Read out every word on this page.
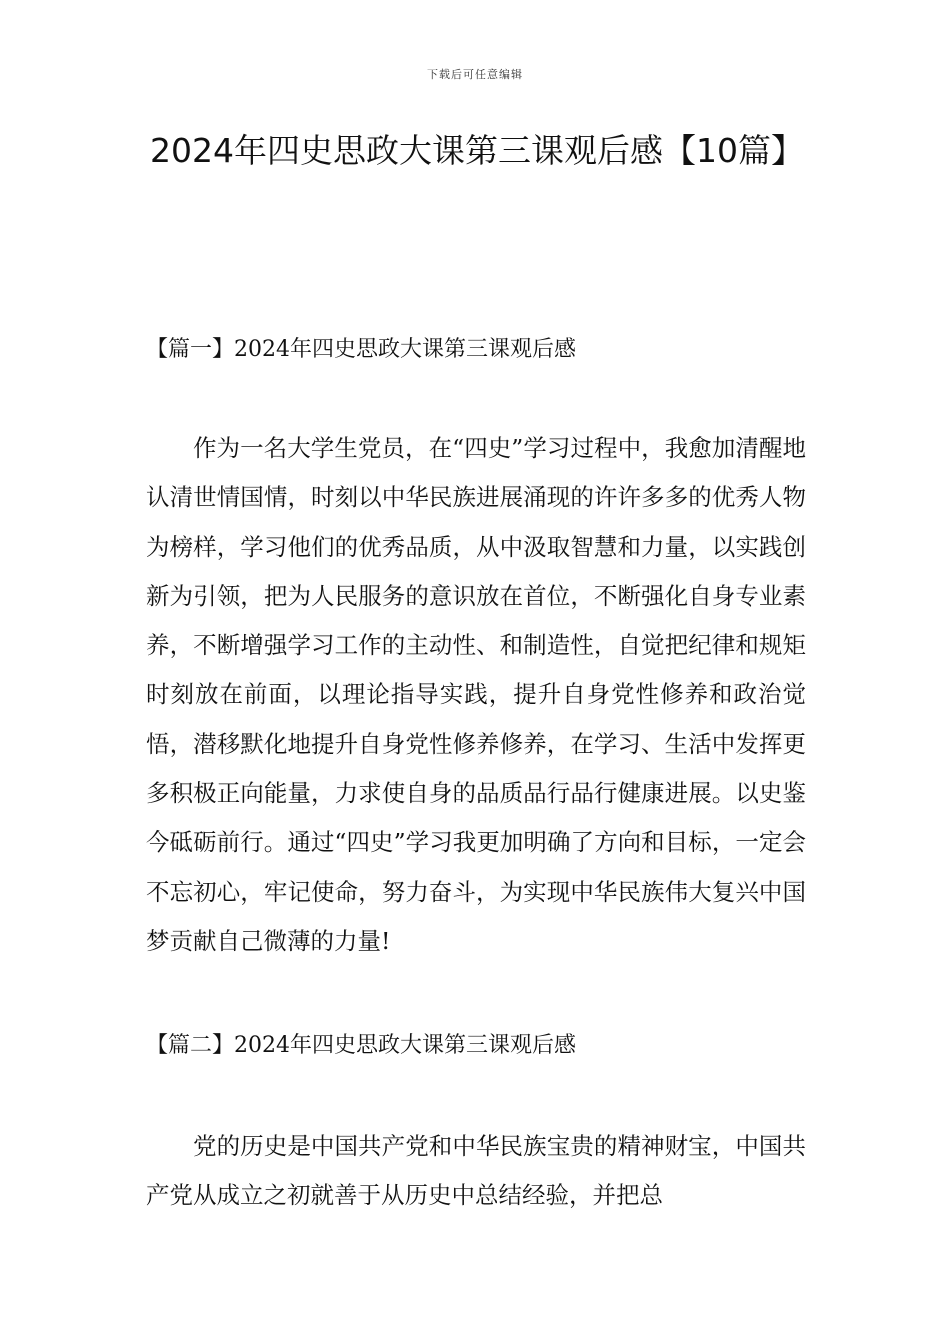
下载后可任意编辑
2024年四史思政大课第三课观后感【10篇】
【篇一】2024年四史思政大课第三课观后感

作为一名大学生党员，在“四史”学习过程中，我愈加清醒地认清世情国情，时刻以中华民族进展涌现的许许多多的优秀人物为榜样，学习他们的优秀品质，从中汲取智慧和力量，以实践创新为引领，把为人民服务的意识放在首位，不断强化自身专业素养，不断增强学习工作的主动性、和制造性，自觉把纪律和规矩时刻放在前面，以理论指导实践，提升自身党性修养和政治觉悟，潜移默化地提升自身党性修养修养，在学习、生活中发挥更多积极正向能量，力求使自身的品质品行品行健康进展。以史鉴今砥砺前行。通过“四史”学习我更加明确了方向和目标，一定会不忘初心，牢记使命，努力奋斗，为实现中华民族伟大复兴中国梦贡献自己微薄的力量!

【篇二】2024年四史思政大课第三课观后感

党的历史是中国共产党和中华民族宝贵的精神财宝，中国共产党从成立之初就善于从历史中总结经验，并把总
